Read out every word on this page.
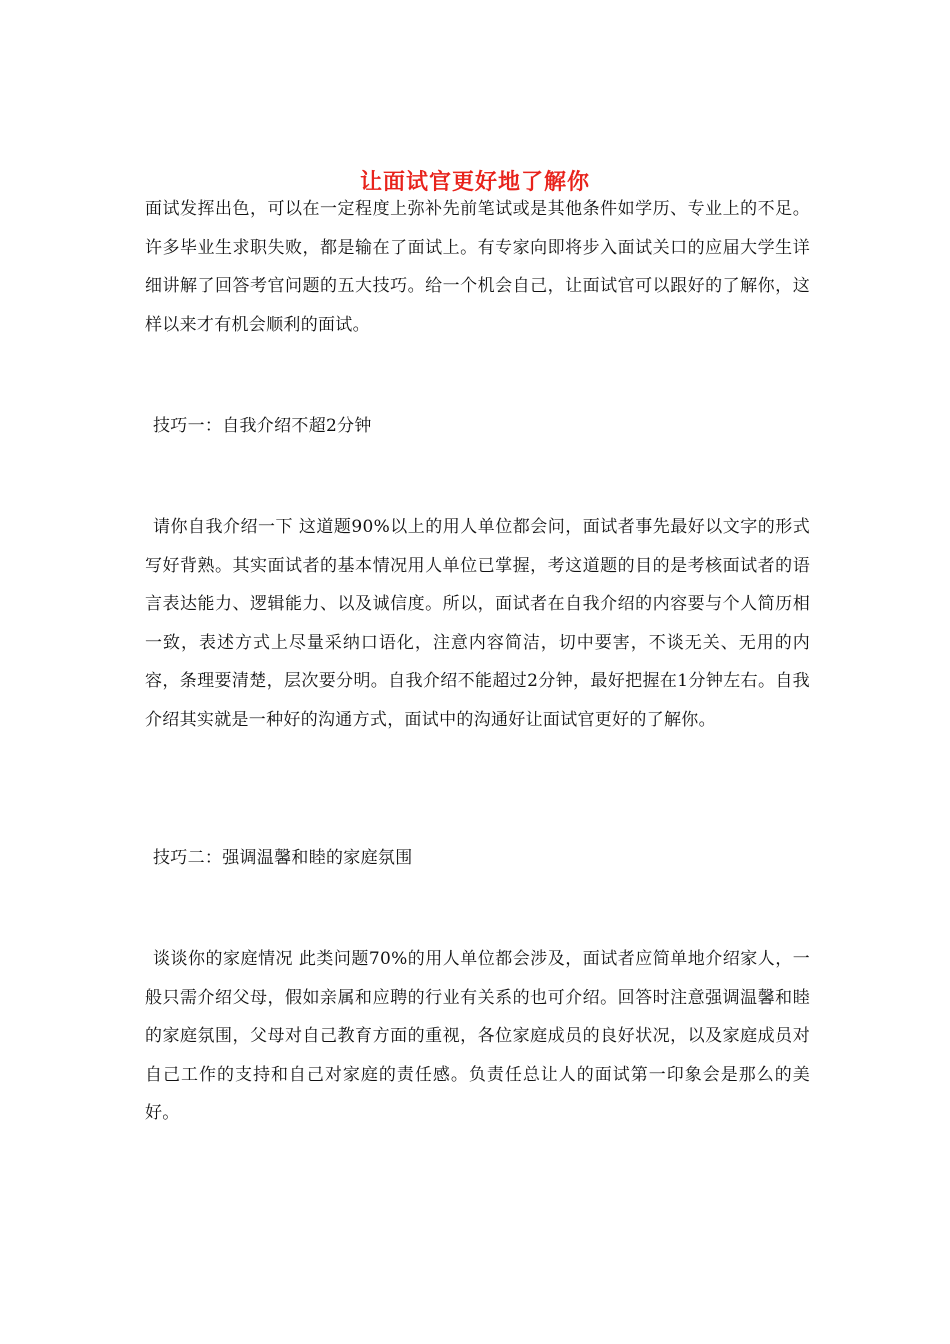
让面试官更好地了解你

面试发挥出色，可以在一定程度上弥补先前笔试或是其他条件如学历、专业上的不足。许多毕业生求职失败，都是输在了面试上。有专家向即将步入面试关口的应届大学生详细讲解了回答考官问题的五大技巧。给一个机会自己，让面试官可以跟好的了解你，这样以来才有机会顺利的面试。

技巧一：自我介绍不超2分钟

请你自我介绍一下 这道题90%以上的用人单位都会问，面试者事先最好以文字的形式写好背熟。其实面试者的基本情况用人单位已掌握，考这道题的目的是考核面试者的语言表达能力、逻辑能力、以及诚信度。所以，面试者在自我介绍的内容要与个人简历相一致，表述方式上尽量采纳口语化，注意内容简洁，切中要害，不谈无关、无用的内容，条理要清楚，层次要分明。自我介绍不能超过2分钟，最好把握在1分钟左右。自我介绍其实就是一种好的沟通方式，面试中的沟通好让面试官更好的了解你。

技巧二：强调温馨和睦的家庭氛围

谈谈你的家庭情况 此类问题70%的用人单位都会涉及，面试者应简单地介绍家人，一般只需介绍父母，假如亲属和应聘的行业有关系的也可介绍。回答时注意强调温馨和睦的家庭氛围，父母对自己教育方面的重视，各位家庭成员的良好状况，以及家庭成员对自己工作的支持和自己对家庭的责任感。负责任总让人的面试第一印象会是那么的美好。
